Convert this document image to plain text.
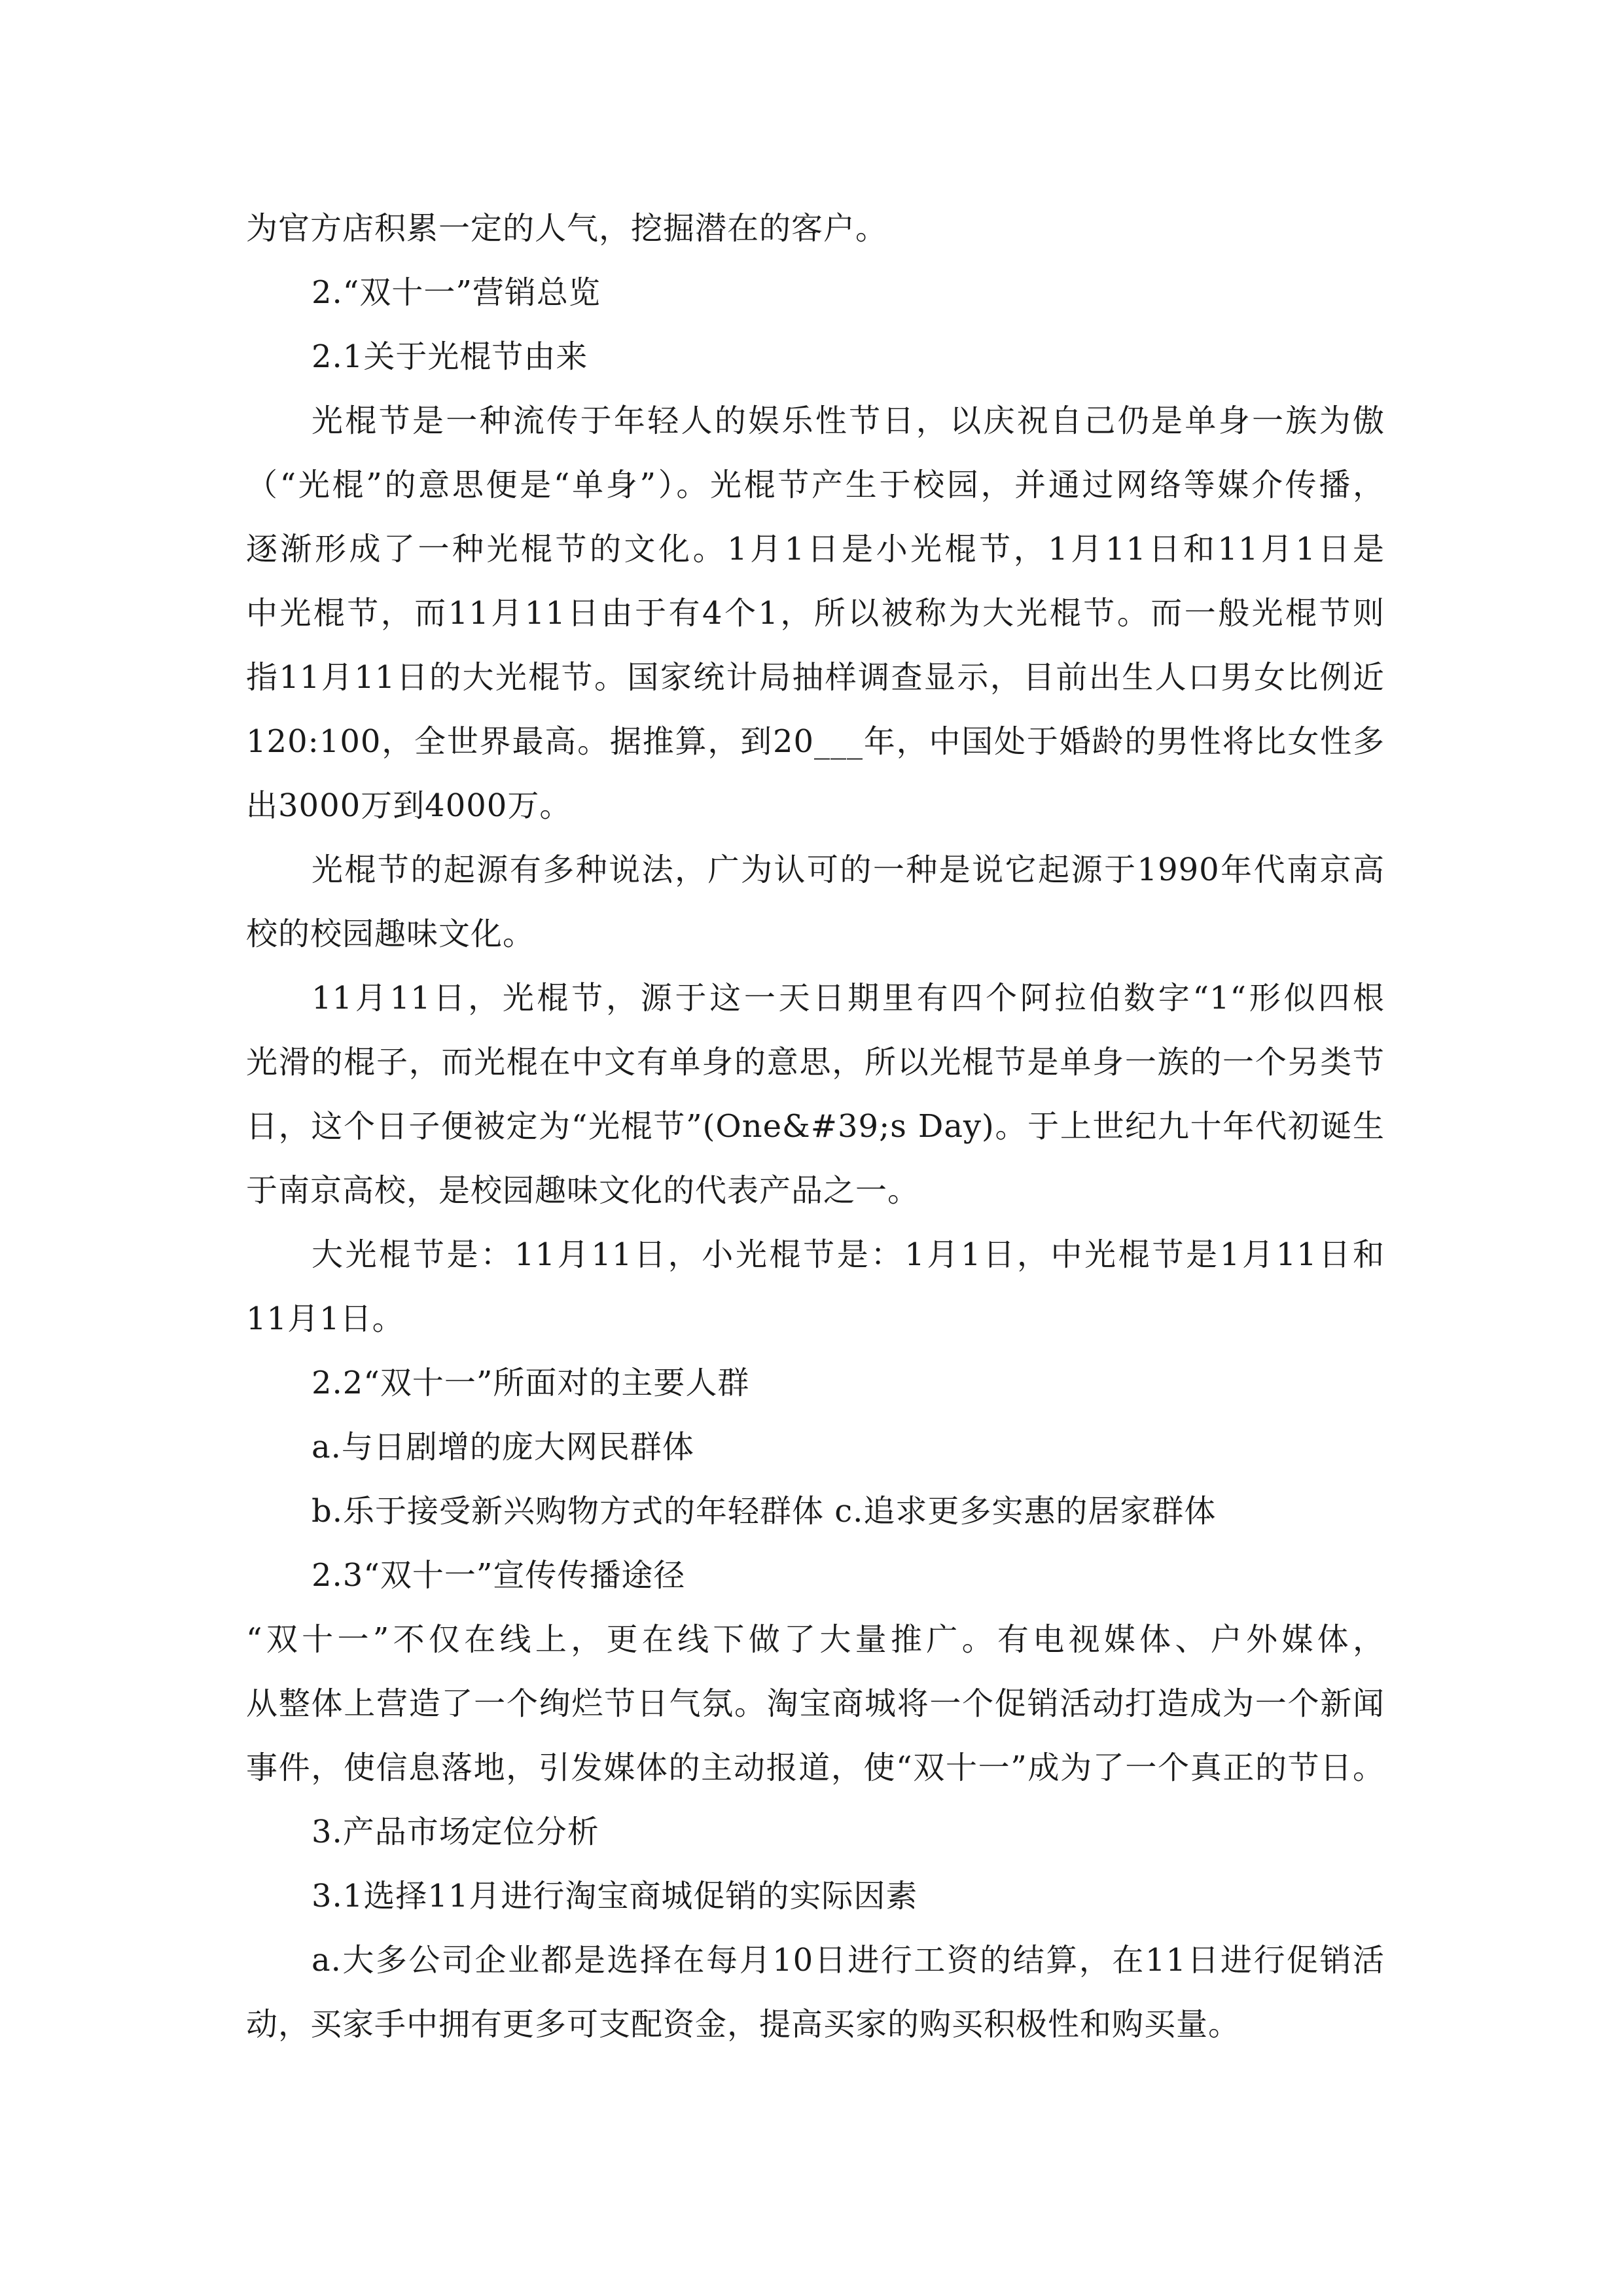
为官方店积累一定的人气，挖掘潜在的客户。
2.“双十一”营销总览
2.1关于光棍节由来
光棍节是一种流传于年轻人的娱乐性节日，以庆祝自己仍是单身一族为傲
（“光棍”的意思便是“单身”）。光棍节产生于校园，并通过网络等媒介传播，
逐渐形成了一种光棍节的文化。1月1日是小光棍节，1月11日和11月1日是
中光棍节，而11月11日由于有4个1，所以被称为大光棍节。而一般光棍节则
指11月11日的大光棍节。国家统计局抽样调查显示，目前出生人口男女比例近
120:100，全世界最高。据推算，到20___年，中国处于婚龄的男性将比女性多
出3000万到4000万。
光棍节的起源有多种说法，广为认可的一种是说它起源于1990年代南京高
校的校园趣味文化。
11月11日，光棍节，源于这一天日期里有四个阿拉伯数字“1“形似四根
光滑的棍子，而光棍在中文有单身的意思，所以光棍节是单身一族的一个另类节
日，这个日子便被定为“光棍节”(One&#39;s Day)。于上世纪九十年代初诞生
于南京高校，是校园趣味文化的代表产品之一。
大光棍节是：11月11日，小光棍节是：1月1日，中光棍节是1月11日和
11月1日。
2.2“双十一”所面对的主要人群
a.与日剧增的庞大网民群体
b.乐于接受新兴购物方式的年轻群体 c.追求更多实惠的居家群体
2.3“双十一”宣传传播途径
“双十一”不仅在线上，更在线下做了大量推广。有电视媒体、户外媒体，
从整体上营造了一个绚烂节日气氛。淘宝商城将一个促销活动打造成为一个新闻
事件，使信息落地，引发媒体的主动报道，使“双十一”成为了一个真正的节日。
3.产品市场定位分析
3.1选择11月进行淘宝商城促销的实际因素
a.大多公司企业都是选择在每月10日进行工资的结算，在11日进行促销活
动，买家手中拥有更多可支配资金，提高买家的购买积极性和购买量。
